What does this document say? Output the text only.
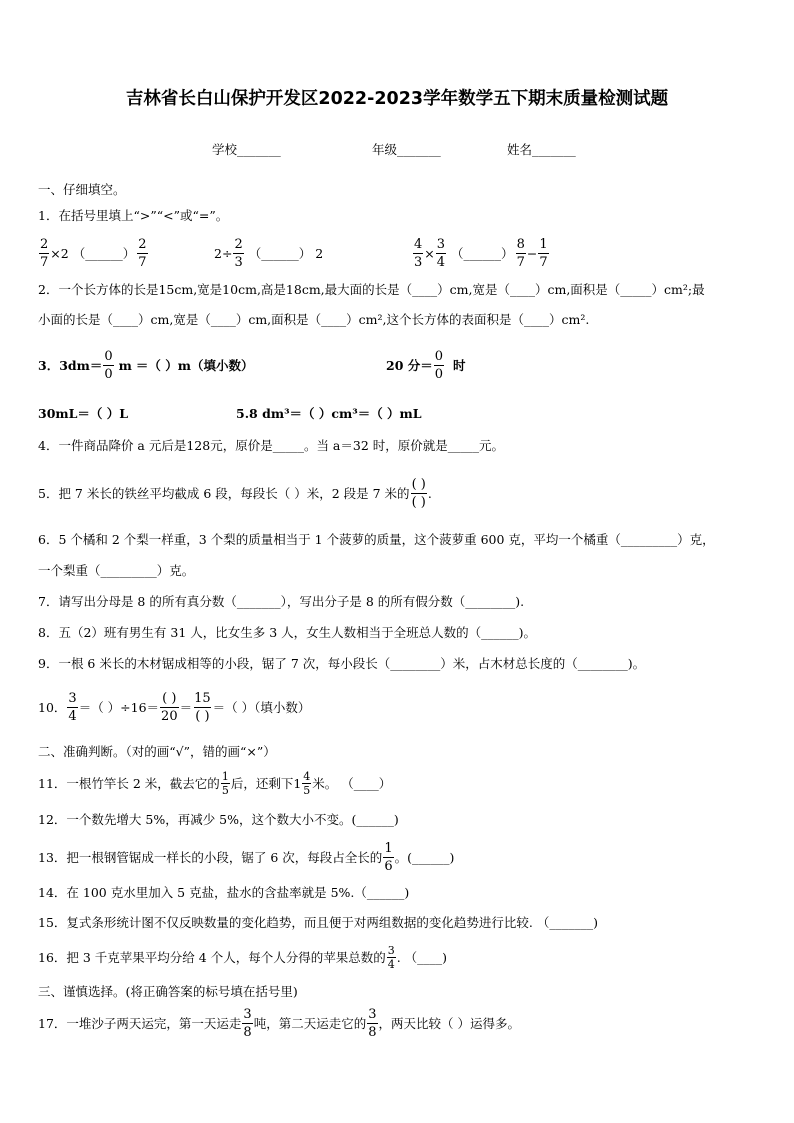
吉林省长白山保护开发区2022-2023学年数学五下期末质量检测试题
学校_______	年级_______	姓名_______
一、仔细填空。
1．在括号里填上“>”“<”或“=”。
$\frac{2}{7} \times 2$ （______） $\frac{2}{7}$	$2\div \frac{2}{3}$ （______） 2	$\frac{4}{3} \times \frac{3}{4}$ （______） $\frac{8}{7} - \frac{1}{7}$
2．一个长方体的长是15cm,宽是10cm,高是18cm,最大面的长是（____）cm,宽是（____）cm,面积是（_____）cm²;最
小面的长是（____）cm,宽是（____）cm,面积是（____）cm²,这个长方体的表面积是（____）cm².
3．$3dm= \frac{0}{0}$ m ＝（ ）m（填小数）	20 分＝ $\frac{0}{0}$ 时
30mL＝（ ）L	5.8 dm³＝（ ）cm³＝（ ）mL
4．一件商品降价 a 元后是128元，原价是_____。当 a＝32 时，原价就是_____元。
5．把 7 米长的铁丝平均截成 6 段，每段长（ ）米，2 段是 7 米的 $\frac{( )}{( )}$ .
6．5 个橘和 2 个梨一样重，3 个梨的质量相当于 1 个菠萝的质量，这个菠萝重 600 克，平均一个橘重（_________）克，
一个梨重（_________）克。
7．请写出分母是 8 的所有真分数（_______），写出分子是 8 的所有假分数（________).
8．五（2）班有男生有 31 人，比女生多 3 人，女生人数相当于全班总人数的（______)。
9．一根 6 米长的木材锯成相等的小段，锯了 7 次，每小段长（________）米，占木材总长度的（________)。
10． $\frac{3}{4}$ ＝（ ）$\div 16= \frac{( )}{20} = \frac{15}{( )}$ ＝（ ）（填小数）
二、准确判断。（对的画“√”，错的画“×”）
11．一根竹竿长 2 米，截去它的 $\frac{1}{5}$ 后，还剩下$1 \frac{4}{5}$ 米。 （____）
12．一个数先增大 5%，再减少 5%，这个数大小不变。(______)
13．把一根钢管锯成一样长的小段，锯了 6 次，每段占全长的 $\frac{1}{6}$ 。(______)
14．在 100 克水里加入 5 克盐，盐水的含盐率就是 5%.（______)
15．复式条形统计图不仅反映数量的变化趋势，而且便于对两组数据的变化趋势进行比较. （_______)
16．把 3 千克苹果平均分给 4 个人，每个人分得的苹果总数的 $\frac{3}{4}$ . （____)
三、谨慎选择。(将正确答案的标号填在括号里)
17．一堆沙子两天运完，第一天运走 $\frac{3}{8}$ 吨，第二天运走它的 $\frac{3}{8}$ ，两天比较（ ）运得多。
